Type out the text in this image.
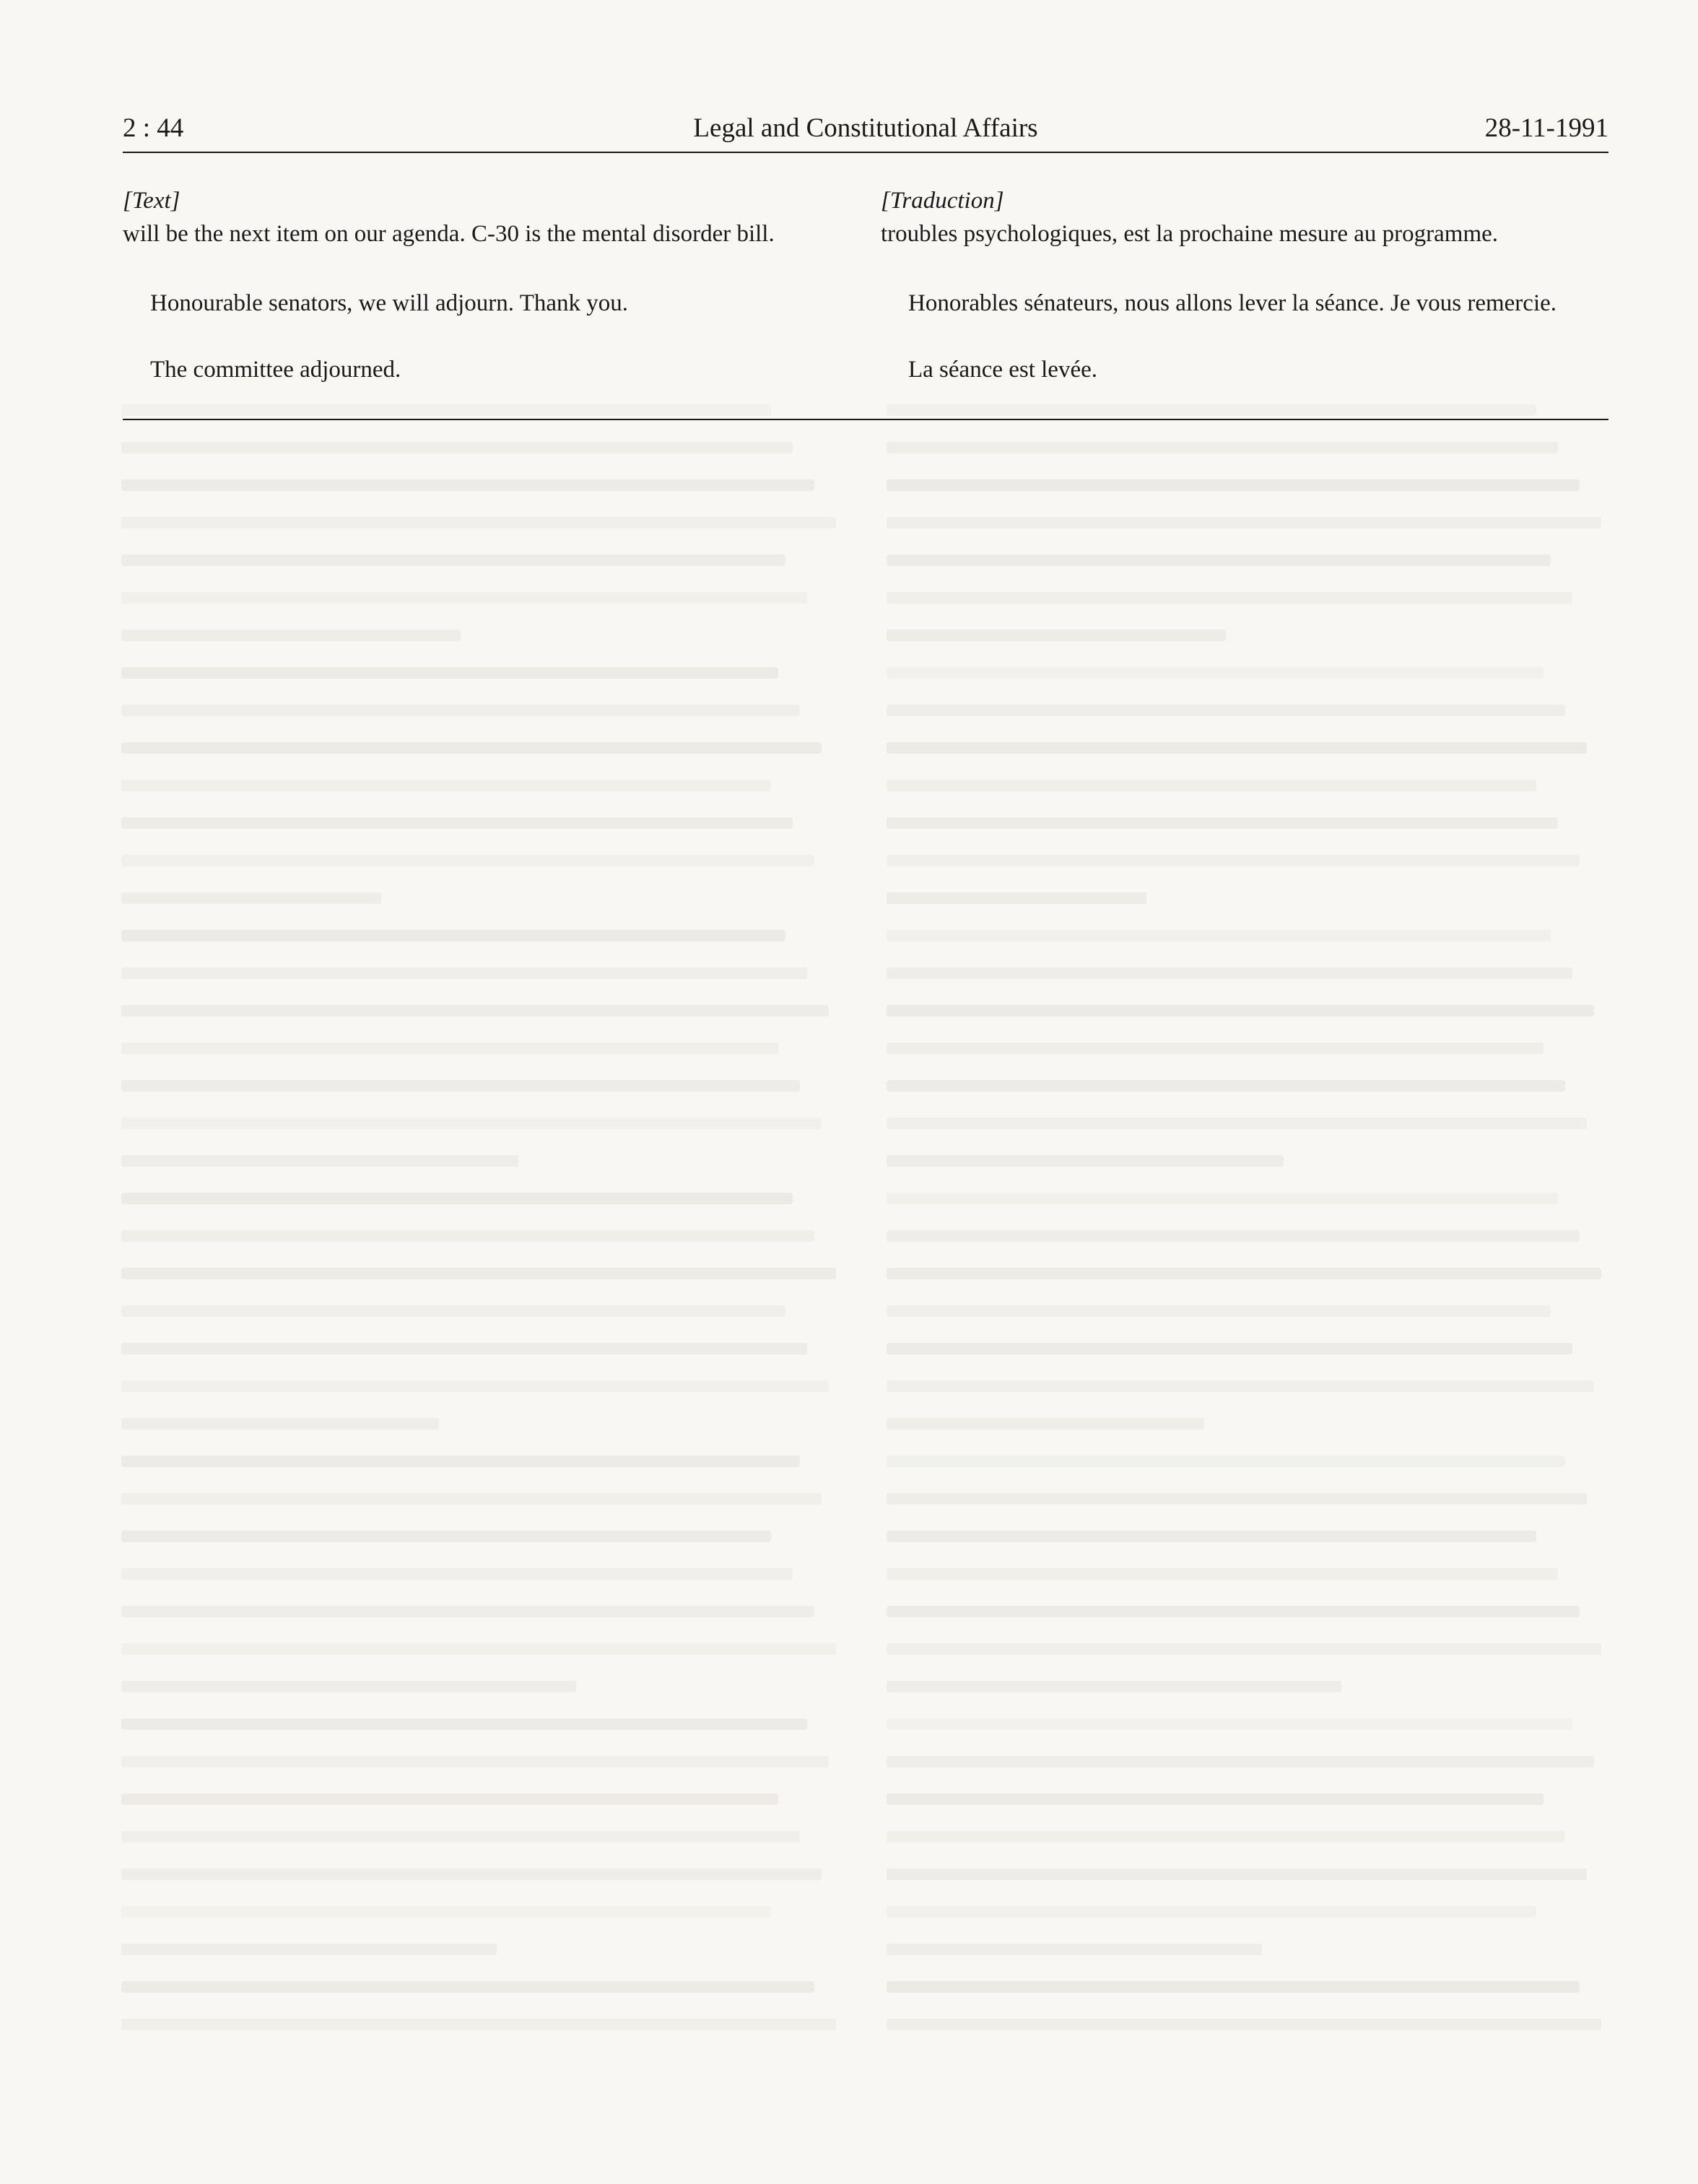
2 : 44	Legal and Constitutional Affairs	28-11-1991
[Text]

will be the next item on our agenda. C-30 is the mental disorder bill.

Honourable senators, we will adjourn. Thank you.

The committee adjourned.

[Traduction]

troubles psychologiques, est la prochaine mesure au programme.

Honorables sénateurs, nous allons lever la séance. Je vous remercie.

La séance est levée.
